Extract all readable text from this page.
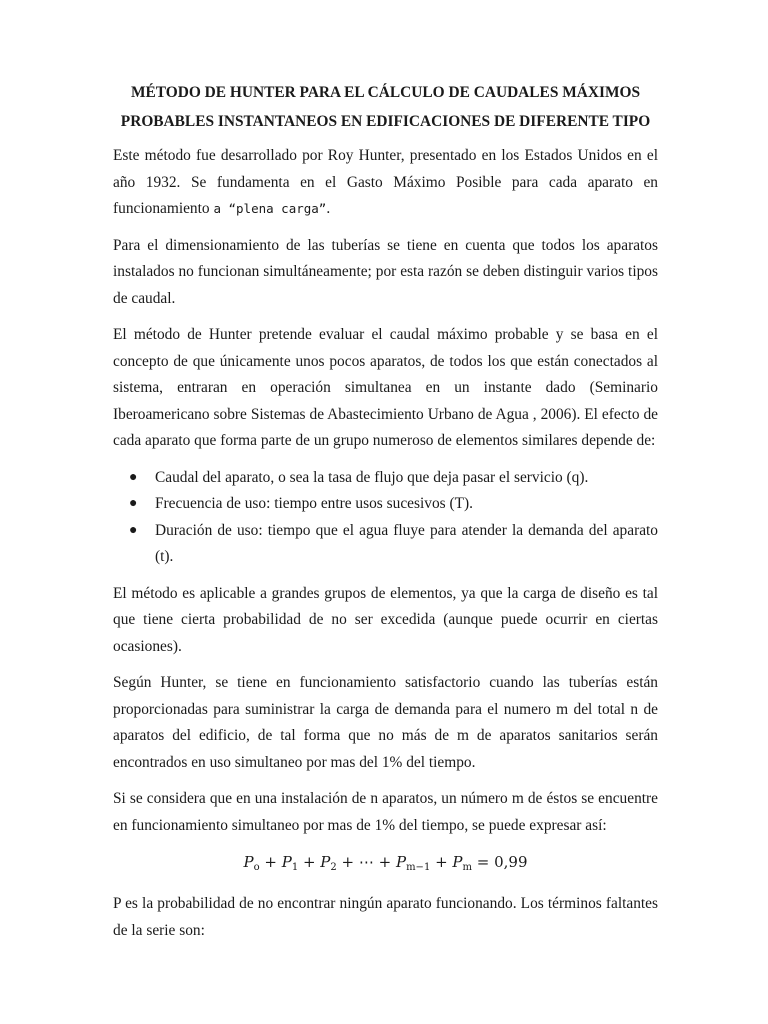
MÉTODO DE HUNTER PARA EL CÁLCULO DE CAUDALES MÁXIMOS
PROBABLES INSTANTANEOS EN EDIFICACIONES DE DIFERENTE TIPO

Este método fue desarrollado por Roy Hunter, presentado en los Estados Unidos en el año 1932. Se fundamenta en el Gasto Máximo Posible para cada aparato en funcionamiento a “plena carga”.

Para el dimensionamiento de las tuberías se tiene en cuenta que todos los aparatos instalados no funcionan simultáneamente; por esta razón se deben distinguir varios tipos de caudal.

El método de Hunter pretende evaluar el caudal máximo probable y se basa en el concepto de que únicamente unos pocos aparatos, de todos los que están conectados al sistema, entraran en operación simultanea en un instante dado (Seminario Iberoamericano sobre Sistemas de Abastecimiento Urbano de Agua , 2006). El efecto de cada aparato que forma parte de un grupo numeroso de elementos similares depende de:

● Caudal del aparato, o sea la tasa de flujo que deja pasar el servicio (q).
● Frecuencia de uso: tiempo entre usos sucesivos (T).
● Duración de uso: tiempo que el agua fluye para atender la demanda del aparato (t).

El método es aplicable a grandes grupos de elementos, ya que la carga de diseño es tal que tiene cierta probabilidad de no ser excedida (aunque puede ocurrir en ciertas ocasiones).

Según Hunter, se tiene en funcionamiento satisfactorio cuando las tuberías están proporcionadas para suministrar la carga de demanda para el numero m del total n de aparatos del edificio, de tal forma que no más de m de aparatos sanitarios serán encontrados en uso simultaneo por mas del 1% del tiempo.

Si se considera que en una instalación de n aparatos, un número m de éstos se encuentre en funcionamiento simultaneo por mas de 1% del tiempo, se puede expresar así:

$P_o + P_1 + P_2$ + ⋯ + $P_{m-1} + P_m = 0,99$

P es la probabilidad de no encontrar ningún aparato funcionando. Los términos faltantes de la serie son:
